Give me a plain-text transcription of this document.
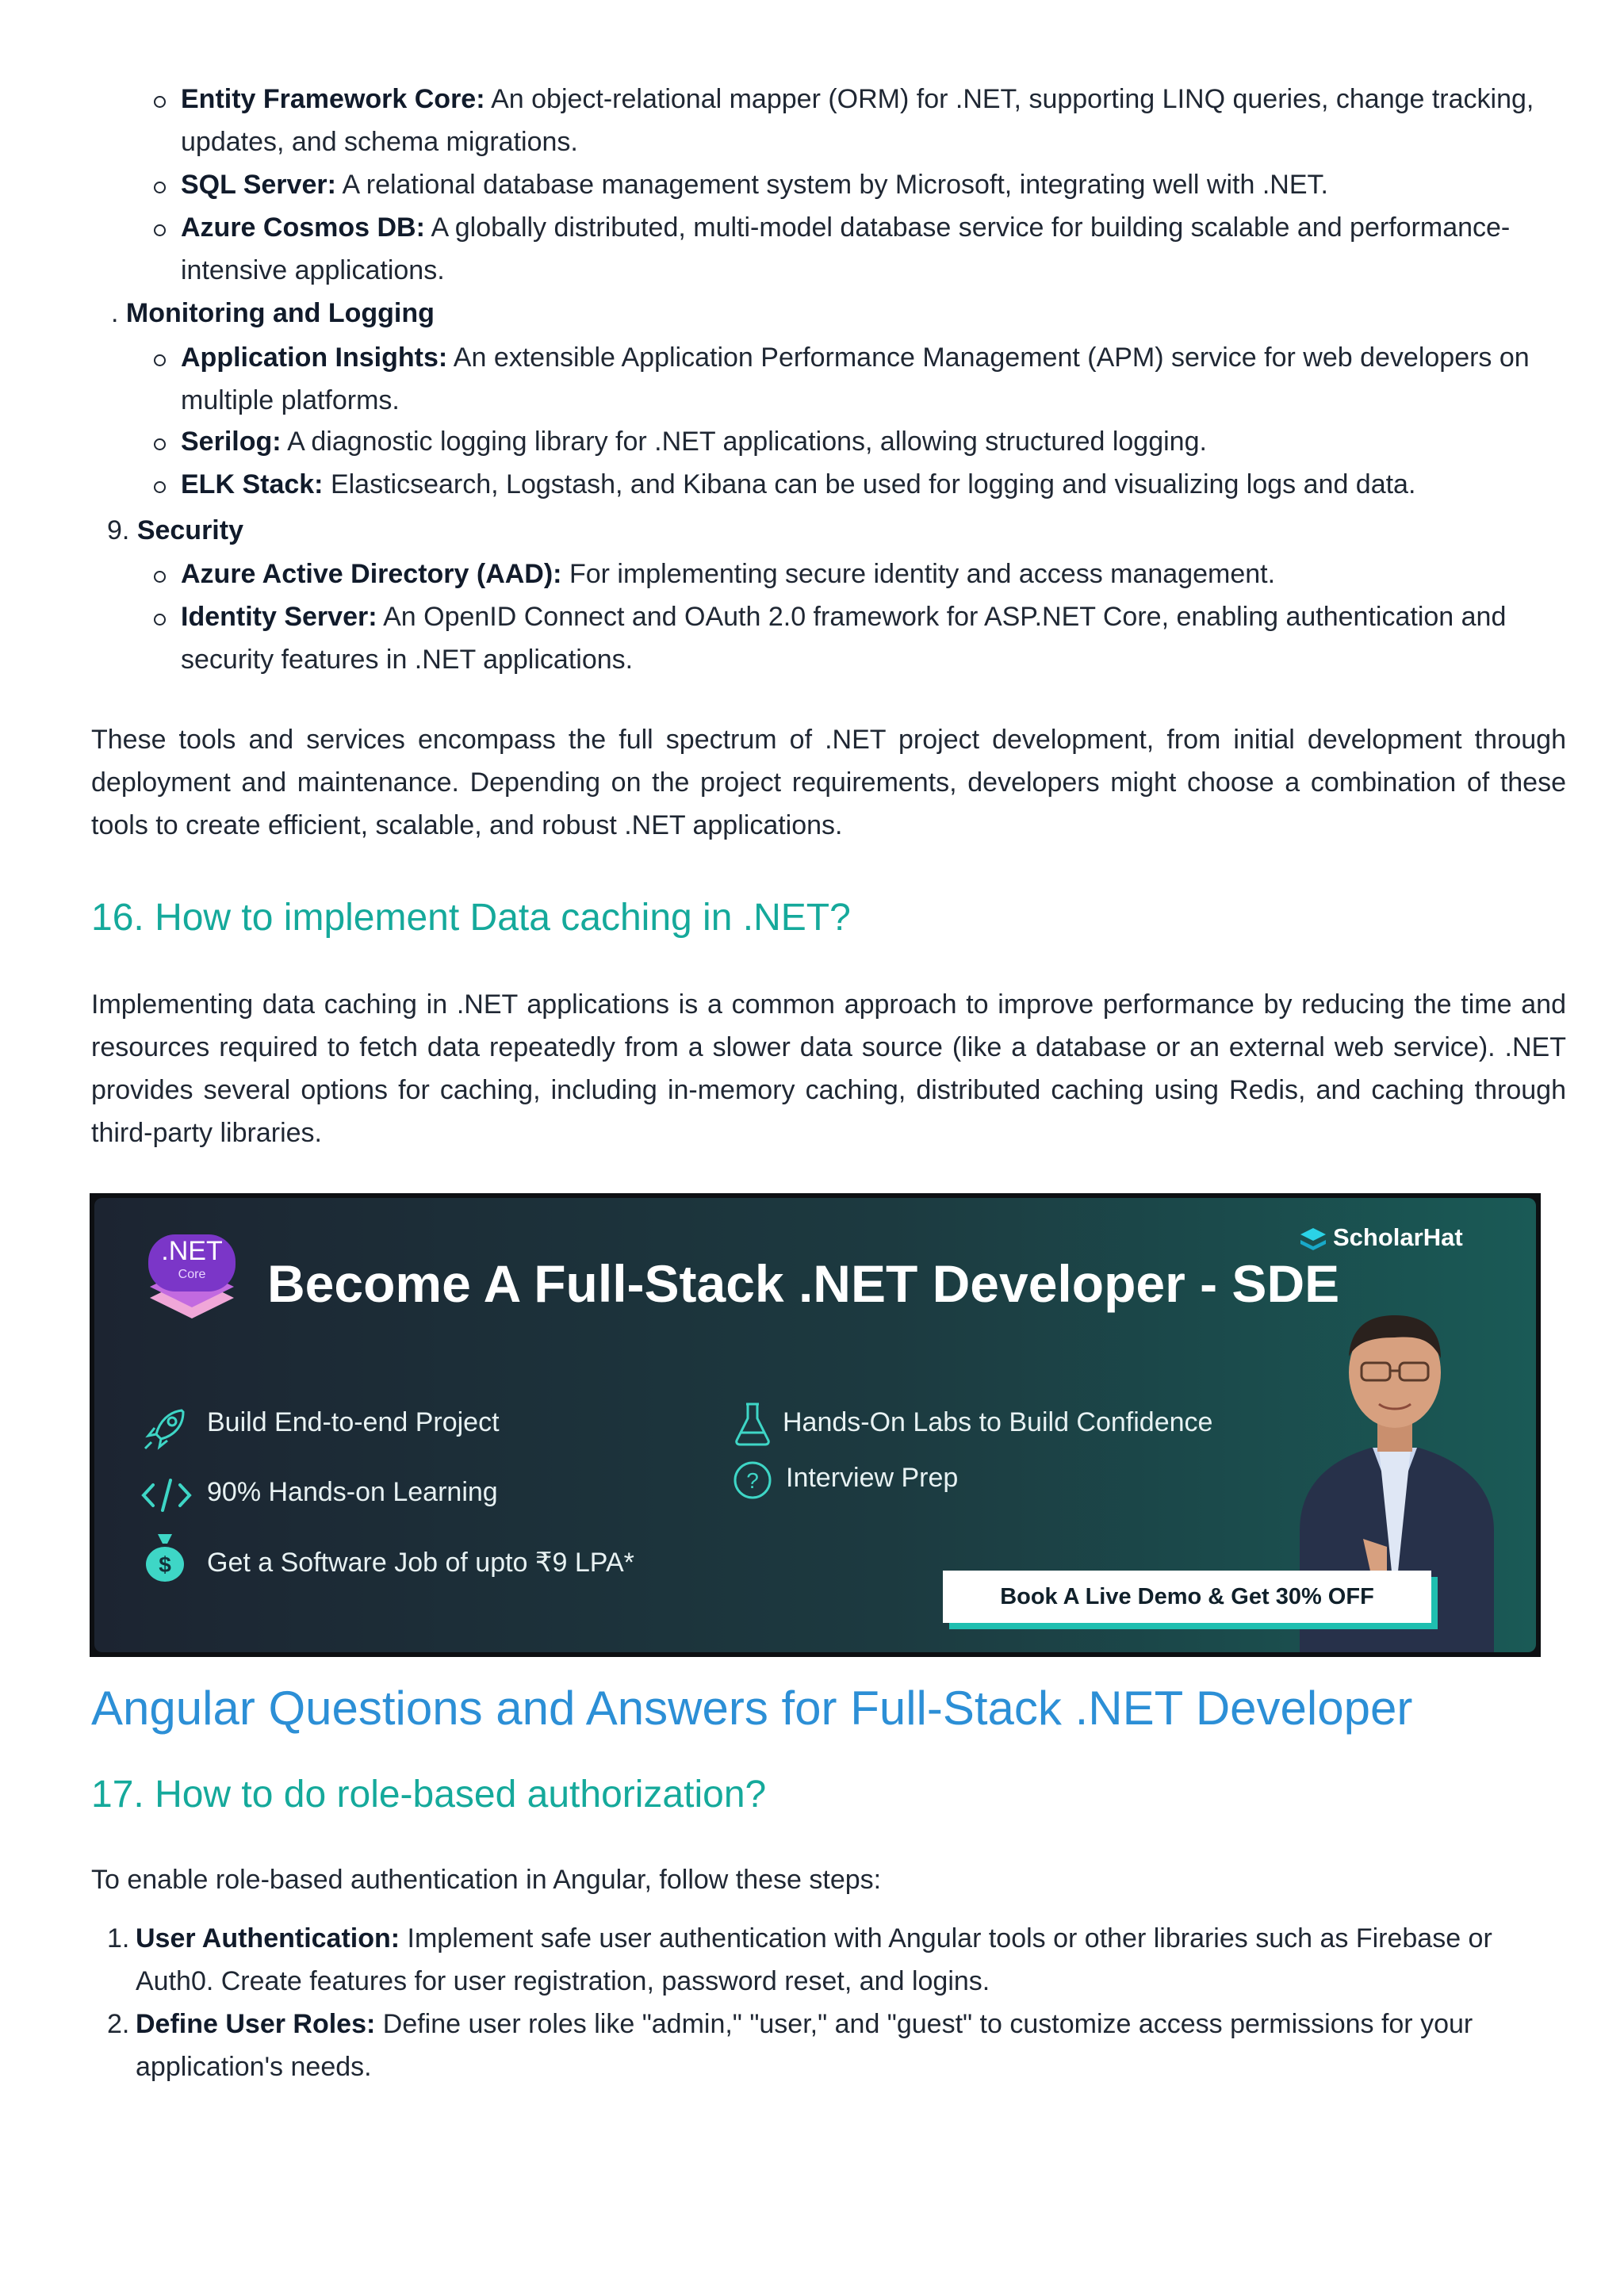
Entity Framework Core: An object-relational mapper (ORM) for .NET, supporting LINQ queries, change tracking, updates, and schema migrations.
SQL Server: A relational database management system by Microsoft, integrating well with .NET.
Azure Cosmos DB: A globally distributed, multi-model database service for building scalable and performance-intensive applications.
. Monitoring and Logging
Application Insights: An extensible Application Performance Management (APM) service for web developers on multiple platforms.
Serilog: A diagnostic logging library for .NET applications, allowing structured logging.
ELK Stack: Elasticsearch, Logstash, and Kibana can be used for logging and visualizing logs and data.
9. Security
Azure Active Directory (AAD): For implementing secure identity and access management.
Identity Server: An OpenID Connect and OAuth 2.0 framework for ASP.NET Core, enabling authentication and security features in .NET applications.

These tools and services encompass the full spectrum of .NET project development, from initial development through deployment and maintenance. Depending on the project requirements, developers might choose a combination of these tools to create efficient, scalable, and robust .NET applications.

16. How to implement Data caching in .NET?

Implementing data caching in .NET applications is a common approach to improve performance by reducing the time and resources required to fetch data repeatedly from a slower data source (like a database or an external web service). .NET provides several options for caching, including in-memory caching, distributed caching using Redis, and caching through third-party libraries.

.NET
Core	Become A Full-Stack .NET Developer - SDE
ScholarHat
Build End-to-end Project
90% Hands-on Learning
$ Get a Software Job of upto ₹9 LPA*
Hands-On Labs to Build Confidence
? Interview Prep
Book A Live Demo & Get 30% OFF
Angular Questions and Answers for Full-Stack .NET Developer
17. How to do role-based authorization?

To enable role-based authentication in Angular, follow these steps:

1. User Authentication: Implement safe user authentication with Angular tools or other libraries such as Firebase or Auth0. Create features for user registration, password reset, and logins.
2. Define User Roles: Define user roles like "admin," "user," and "guest" to customize access permissions for your application's needs.
